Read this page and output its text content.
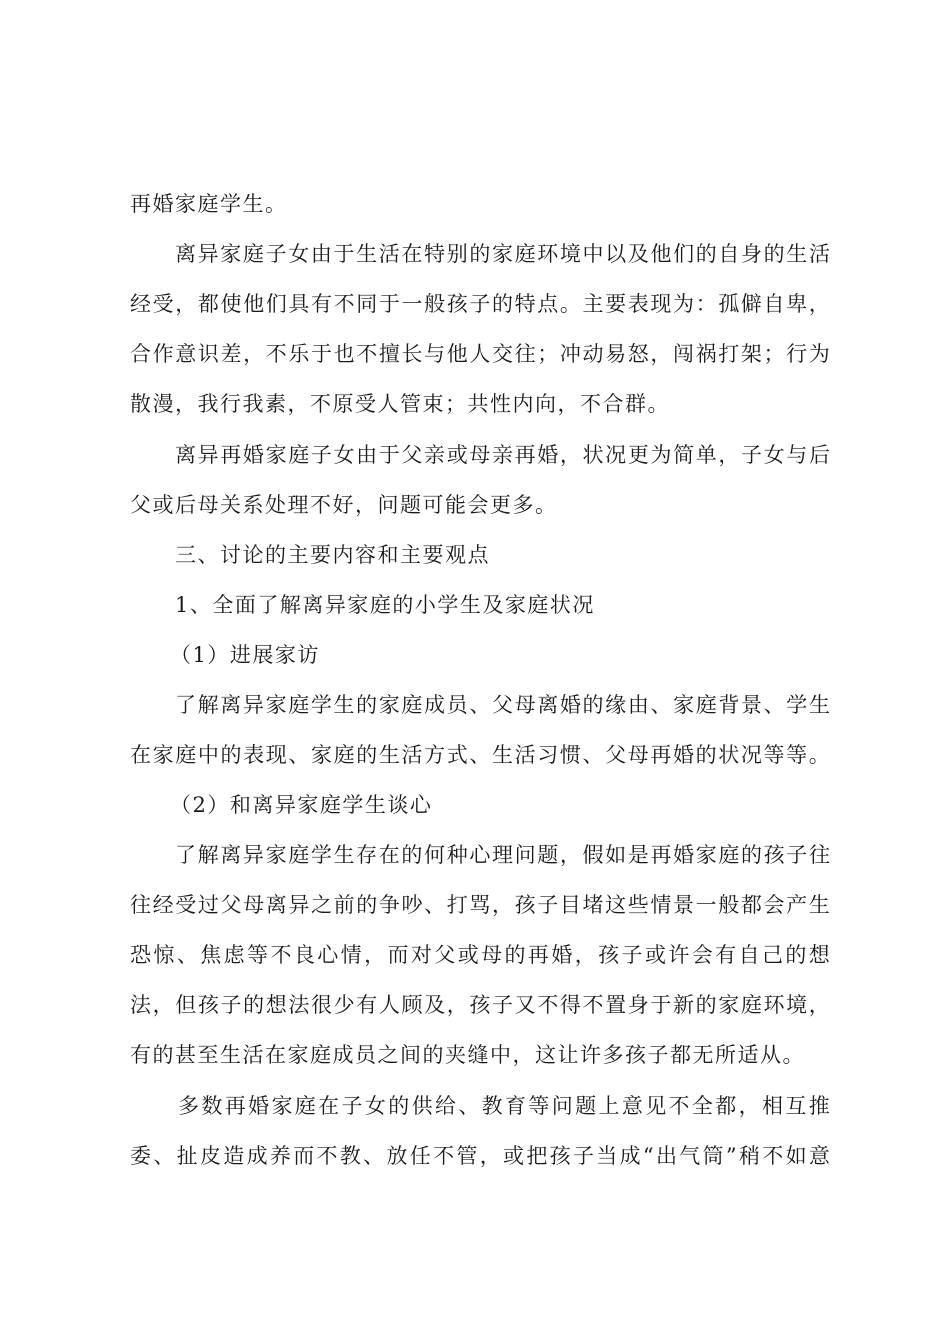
再婚家庭学生。
离 异 家 庭 子 女 由 于 生 活 在 特 别 的 家 庭 环 境 中 以 及 他 们 的 自 身 的 生 活
经 受 ， 都 使 他 们 具 有 不 同 于 一 般 孩 子 的 特 点 。 主 要 表 现 为 ： 孤 僻 自 卑 ，
合 作 意 识 差 ， 不 乐 于 也 不 擅 长 与 他 人 交 往 ； 冲 动 易 怒 ， 闯 祸 打 架 ； 行 为
散漫，我行我素，不原受人管束；共性内向，不合群。
离 异 再 婚 家 庭 子 女 由 于 父 亲 或 母 亲 再 婚 ， 状 况 更 为 简 单 ， 子 女 与 后
父或后母关系处理不好，问题可能会更多。
三、讨论的主要内容和主要观点
1、全面了解离异家庭的小学生及家庭状况
（1）进展家访
了 解 离 异 家 庭 学 生 的 家 庭 成 员 、 父 母 离 婚 的 缘 由 、 家 庭 背 景 、 学 生
在 家 庭 中 的 表 现 、 家 庭 的 生 活 方 式 、 生 活 习 惯 、 父 母 再 婚 的 状 况 等 等 。
（2）和离异家庭学生谈心
了 解 离 异 家 庭 学 生 存 在 的 何 种 心 理 问 题 ， 假 如 是 再 婚 家 庭 的 孩 子 往
往 经 受 过 父 母 离 异 之 前 的 争 吵 、 打 骂 ， 孩 子 目 堵 这 些 情 景 一 般 都 会 产 生
恐 惊 、 焦 虑 等 不 良 心 情 ， 而 对 父 或 母 的 再 婚 ， 孩 子 或 许 会 有 自 己 的 想
法 ， 但 孩 子 的 想 法 很 少 有 人 顾 及 ， 孩 子 又 不 得 不 置 身 于 新 的 家 庭 环 境 ，
有的甚至生活在家庭成员之间的夹缝中，这让许多孩子都无所适从。
多 数 再 婚 家 庭 在 子 女 的 供 给 、 教 育 等 问 题 上 意 见 不 全 都 ， 相 互 推
委 、 扯 皮 造 成 养 而 不 教 、 放 任 不 管 ， 或 把 孩 子 当 成 “ 出 气 筒 ” 稍 不 如 意
